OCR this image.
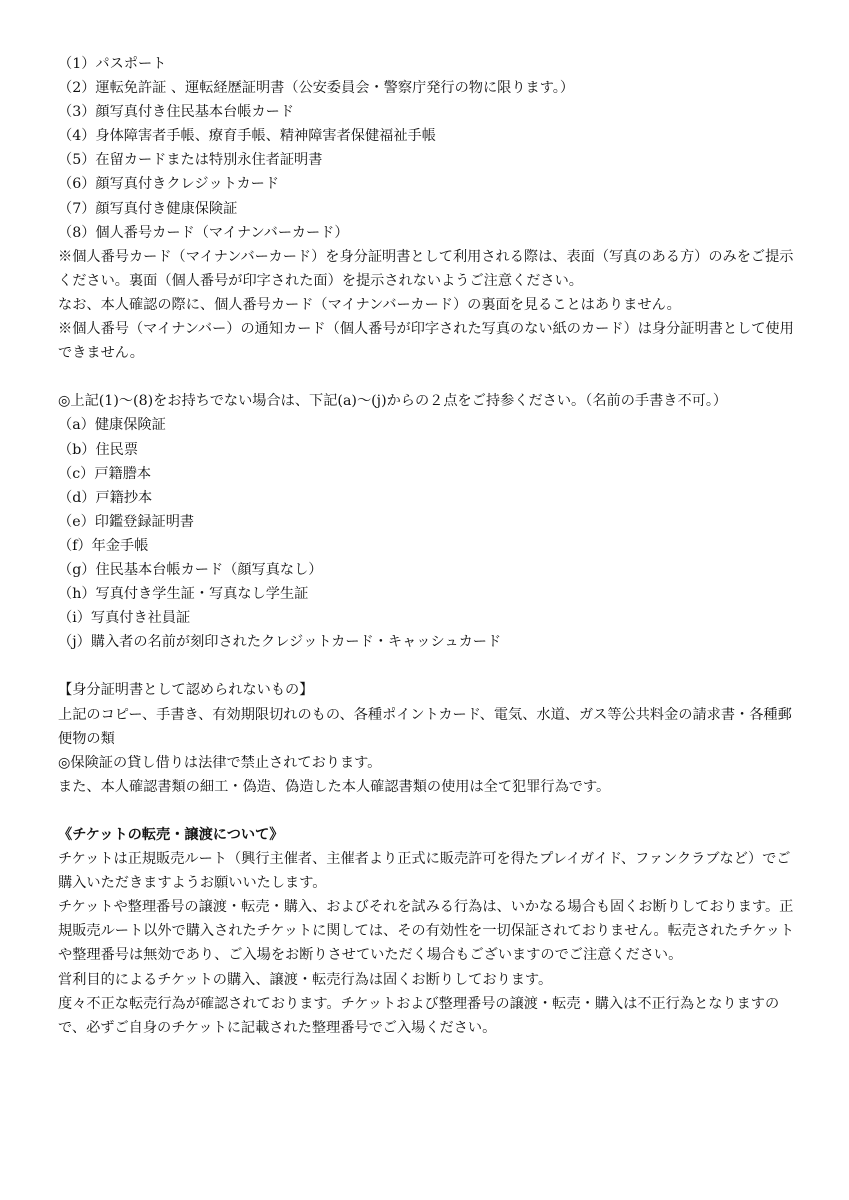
（1）パスポート
（2）運転免許証 、運転経歴証明書（公安委員会・警察庁発行の物に限ります。）
（3）顔写真付き住民基本台帳カード
（4）身体障害者手帳、療育手帳、精神障害者保健福祉手帳
（5）在留カードまたは特別永住者証明書
（6）顔写真付きクレジットカード
（7）顔写真付き健康保険証
（8）個人番号カード（マイナンバーカード）
※個人番号カード（マイナンバーカード）を身分証明書として利用される際は、表面（写真のある方）のみをご提示ください。裏面（個人番号が印字された面）を提示されないようご注意ください。
なお、本人確認の際に、個人番号カード（マイナンバーカード）の裏面を見ることはありません。
※個人番号（マイナンバー）の通知カード（個人番号が印字された写真のない紙のカード）は身分証明書として使用できません。
◎上記(1)～(8)をお持ちでない場合は、下記(a)～(j)からの２点をご持参ください。（名前の手書き不可。）
（a）健康保険証
（b）住民票
（c）戸籍謄本
（d）戸籍抄本
（e）印鑑登録証明書
（f）年金手帳
（g）住民基本台帳カード（顔写真なし）
（h）写真付き学生証・写真なし学生証
（i）写真付き社員証
（j）購入者の名前が刻印されたクレジットカード・キャッシュカード
【身分証明書として認められないもの】
上記のコピー、手書き、有効期限切れのもの、各種ポイントカード、電気、水道、ガス等公共料金の請求書・各種郵便物の類
◎保険証の貸し借りは法律で禁止されております。
また、本人確認書類の細工・偽造、偽造した本人確認書類の使用は全て犯罪行為です。
《チケットの転売・譲渡について》
チケットは正規販売ルート（興行主催者、主催者より正式に販売許可を得たプレイガイド、ファンクラブなど）でご購入いただきますようお願いいたします。
チケットや整理番号の譲渡・転売・購入、およびそれを試みる行為は、いかなる場合も固くお断りしております。正規販売ルート以外で購入されたチケットに関しては、その有効性を一切保証されておりません。転売されたチケットや整理番号は無効であり、ご入場をお断りさせていただく場合もございますのでご注意ください。
営利目的によるチケットの購入、譲渡・転売行為は固くお断りしております。
度々不正な転売行為が確認されております。チケットおよび整理番号の譲渡・転売・購入は不正行為となりますので、必ずご自身のチケットに記載された整理番号でご入場ください。
